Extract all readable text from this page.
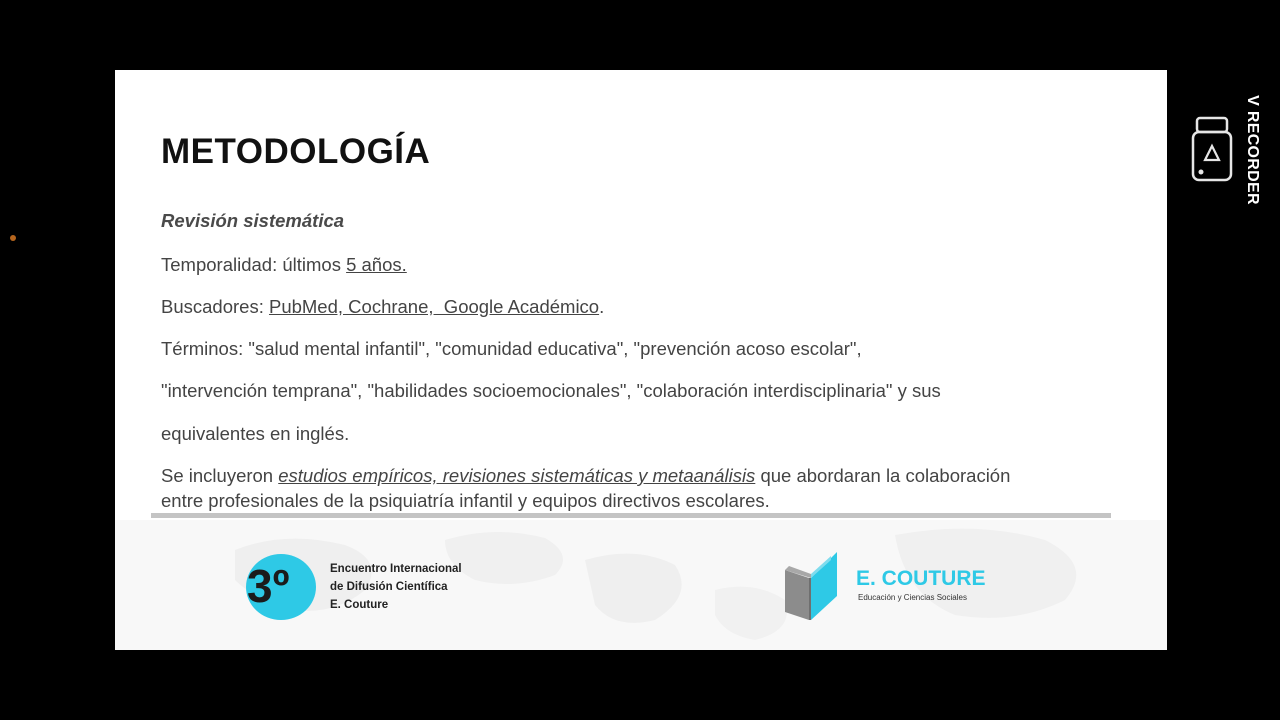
METODOLOGÍA
Revisión sistemática
Temporalidad: últimos 5 años.
Buscadores: PubMed, Cochrane,  Google Académico.
Términos: "salud mental infantil", "comunidad educativa", "prevención acoso escolar",
"intervención temprana", "habilidades socioemocionales", "colaboración interdisciplinaria" y sus
equivalentes en inglés.
Se incluyeron estudios empíricos, revisiones sistemáticas y metaanálisis que abordaran la colaboración
entre profesionales de la psiquiatría infantil y equipos directivos escolares.
3º	Encuentro Internacional
de Difusión Científica
E. Couture
E. COUTURE
Educación y Ciencias Sociales
V RECORDER
